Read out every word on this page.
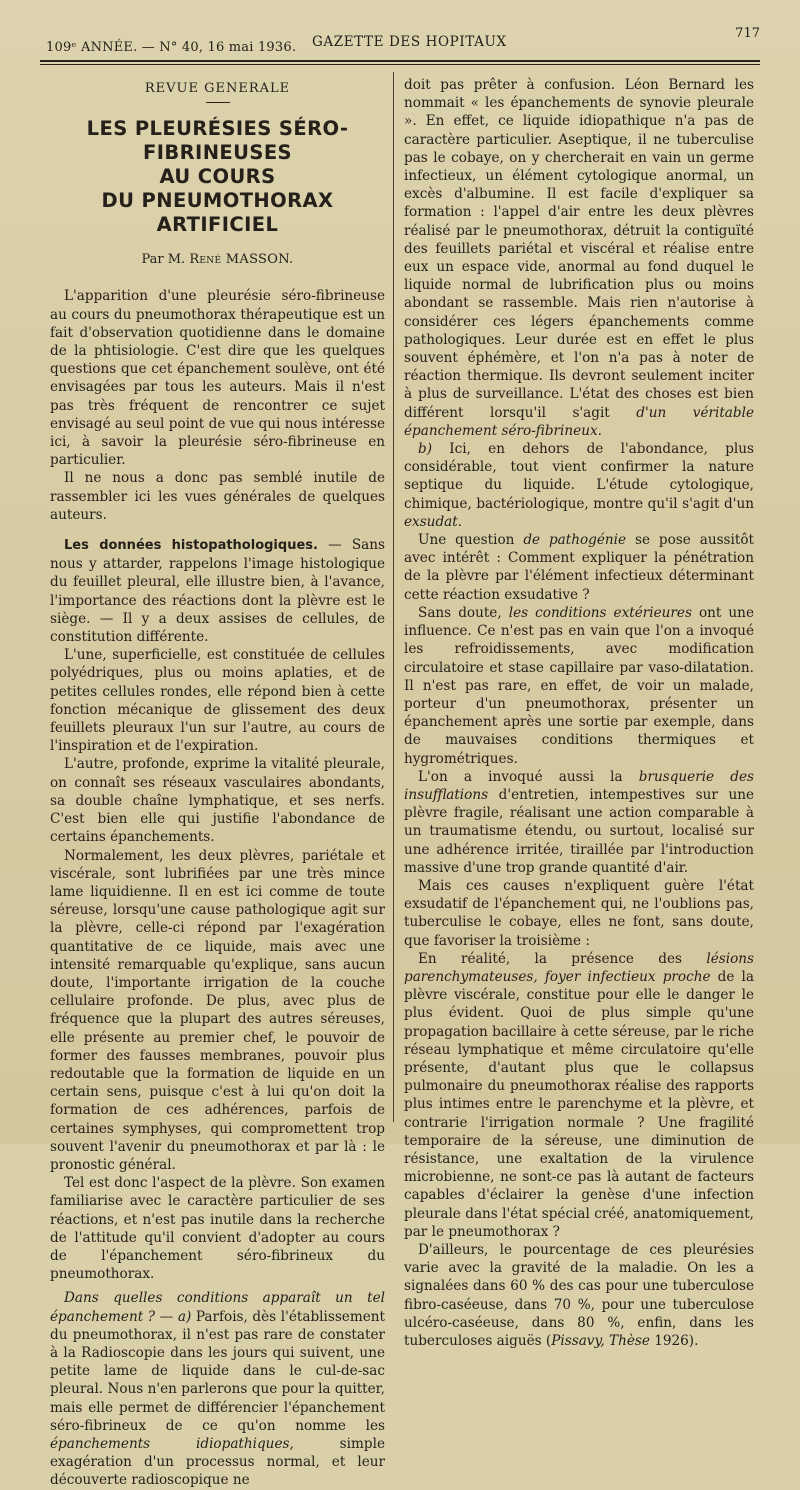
109ᵉ ANNÉE. — N° 40, 16 mai 1936. GAZETTE DES HOPITAUX
717
REVUE GENERALE
LES PLEURÉSIES SÉRO-FIBRINEUSES
AU COURS
DU PNEUMOTHORAX ARTIFICIEL
Par M. René MASSON.

L'apparition d'une pleurésie séro-fibrineuse au cours du pneumothorax thérapeutique est un fait d'observation quotidienne dans le domaine de la phtisiologie. C'est dire que les quelques questions que cet épanchement soulève, ont été envisagées par tous les auteurs. Mais il n'est pas très fréquent de rencontrer ce sujet envisagé au seul point de vue qui nous intéresse ici, à savoir la pleurésie séro-fibrineuse en particulier.

Il ne nous a donc pas semblé inutile de rassembler ici les vues générales de quelques auteurs.

Les données histopathologiques. — Sans nous y attarder, rappelons l'image histologique du feuillet pleural, elle illustre bien, à l'avance, l'importance des réactions dont la plèvre est le siège. — Il y a deux assises de cellules, de constitution différente.

L'une, superficielle, est constituée de cellules polyédriques, plus ou moins aplaties, et de petites cellules rondes, elle répond bien à cette fonction mécanique de glissement des deux feuillets pleuraux l'un sur l'autre, au cours de l'inspiration et de l'expiration.

L'autre, profonde, exprime la vitalité pleurale, on connaît ses réseaux vasculaires abondants, sa double chaîne lymphatique, et ses nerfs. C'est bien elle qui justifie l'abondance de certains épanchements.

Normalement, les deux plèvres, pariétale et viscérale, sont lubrifiées par une très mince lame liquidienne. Il en est ici comme de toute séreuse, lorsqu'une cause pathologique agit sur la plèvre, celle-ci répond par l'exagération quantitative de ce liquide, mais avec une intensité remarquable qu'explique, sans aucun doute, l'importante irrigation de la couche cellulaire profonde. De plus, avec plus de fréquence que la plupart des autres séreuses, elle présente au premier chef, le pouvoir de former des fausses membranes, pouvoir plus redoutable que la formation de liquide en un certain sens, puisque c'est à lui qu'on doit la formation de ces adhérences, parfois de certaines symphyses, qui compromettent trop souvent l'avenir du pneumothorax et par là : le pronostic général.

Tel est donc l'aspect de la plèvre. Son examen familiarise avec le caractère particulier de ses réactions, et n'est pas inutile dans la recherche de l'attitude qu'il convient d'adopter au cours de l'épanchement séro-fibrineux du pneumothorax.

Dans quelles conditions apparaît un tel épanchement ? — a) Parfois, dès l'établissement du pneumothorax, il n'est pas rare de constater à la Radioscopie dans les jours qui suivent, une petite lame de liquide dans le cul-de-sac pleural. Nous n'en parlerons que pour la quitter, mais elle permet de différencier l'épanchement séro-fibrineux de ce qu'on nomme les épanchements idiopathiques, simple exagération d'un processus normal, et leur découverte radioscopique ne

doit pas prêter à confusion. Léon Bernard les nommait « les épanchements de synovie pleurale ». En effet, ce liquide idiopathique n'a pas de caractère particulier. Aseptique, il ne tuberculise pas le cobaye, on y chercherait en vain un germe infectieux, un élément cytologique anormal, un excès d'albumine. Il est facile d'expliquer sa formation : l'appel d'air entre les deux plèvres réalisé par le pneumothorax, détruit la contiguïté des feuillets pariétal et viscéral et réalise entre eux un espace vide, anormal au fond duquel le liquide normal de lubrification plus ou moins abondant se rassemble. Mais rien n'autorise à considérer ces légers épanchements comme pathologiques. Leur durée est en effet le plus souvent éphémère, et l'on n'a pas à noter de réaction thermique. Ils devront seulement inciter à plus de surveillance. L'état des choses est bien différent lorsqu'il s'agit d'un véritable épanchement séro-fibrineux.

b) Ici, en dehors de l'abondance, plus considérable, tout vient confirmer la nature septique du liquide. L'étude cytologique, chimique, bactériologique, montre qu'il s'agit d'un exsudat.

Une question de pathogénie se pose aussitôt avec intérêt : Comment expliquer la pénétration de la plèvre par l'élément infectieux déterminant cette réaction exsudative ?

Sans doute, les conditions extérieures ont une influence. Ce n'est pas en vain que l'on a invoqué les refroidissements, avec modification circulatoire et stase capillaire par vaso-dilatation. Il n'est pas rare, en effet, de voir un malade, porteur d'un pneumothorax, présenter un épanchement après une sortie par exemple, dans de mauvaises conditions thermiques et hygrométriques.

L'on a invoqué aussi la brusquerie des insufflations d'entretien, intempestives sur une plèvre fragile, réalisant une action comparable à un traumatisme étendu, ou surtout, localisé sur une adhérence irritée, tiraillée par l'introduction massive d'une trop grande quantité d'air.

Mais ces causes n'expliquent guère l'état exsudatif de l'épanchement qui, ne l'oublions pas, tuberculise le cobaye, elles ne font, sans doute, que favoriser la troisième :

En réalité, la présence des lésions parenchymateuses, foyer infectieux proche de la plèvre viscérale, constitue pour elle le danger le plus évident. Quoi de plus simple qu'une propagation bacillaire à cette séreuse, par le riche réseau lymphatique et même circulatoire qu'elle présente, d'autant plus que le collapsus pulmonaire du pneumothorax réalise des rapports plus intimes entre le parenchyme et la plèvre, et contrarie l'irrigation normale ? Une fragilité temporaire de la séreuse, une diminution de résistance, une exaltation de la virulence microbienne, ne sont-ce pas là autant de facteurs capables d'éclairer la genèse d'une infection pleurale dans l'état spécial créé, anatomiquement, par le pneumothorax ?

D'ailleurs, le pourcentage de ces pleurésies varie avec la gravité de la maladie. On les a signalées dans 60 % des cas pour une tuberculose fibro-caséeuse, dans 70 %, pour une tuberculose ulcéro-caséeuse, dans 80 %, enfin, dans les tuberculoses aiguës (Pissavy, Thèse 1926).
